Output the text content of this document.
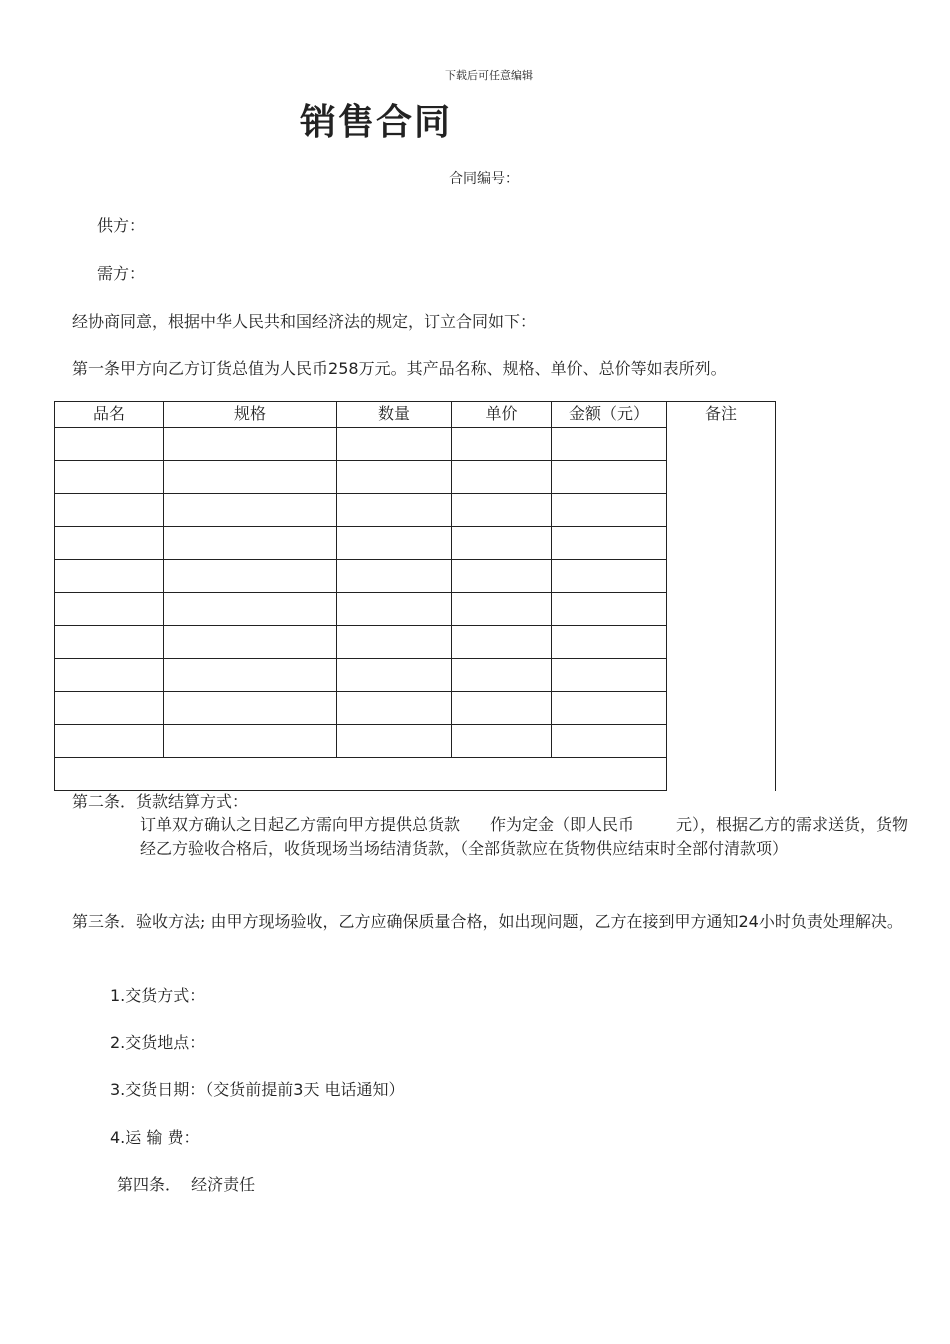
下载后可任意编辑
销售合同
合同编号：
供方：
需方：
经协商同意，根据中华人民共和国经济法的规定，订立合同如下：
第一条甲方向乙方订货总值为人民币258万元。其产品名称、规格、单价、总价等如表所列。
品名	规格	数量	单价	金额（元）	备注

第二条．货款结算方式：
订单双方确认之日起乙方需向甲方提供总货款 作为定金（即人民币	元），根据乙方的需求送货，货物经乙方验收合格后，收货现场当场结清货款，（全部货款应在货物供应结束时全部付清款项）
第三条．验收方法; 由甲方现场验收，乙方应确保质量合格，如出现问题，乙方在接到甲方通知24小时负责处理解决。
1.交货方式：
2.交货地点：
3.交货日期：（交货前提前3天 电话通知）
4.运 输 费：
第四条．  经济责任
